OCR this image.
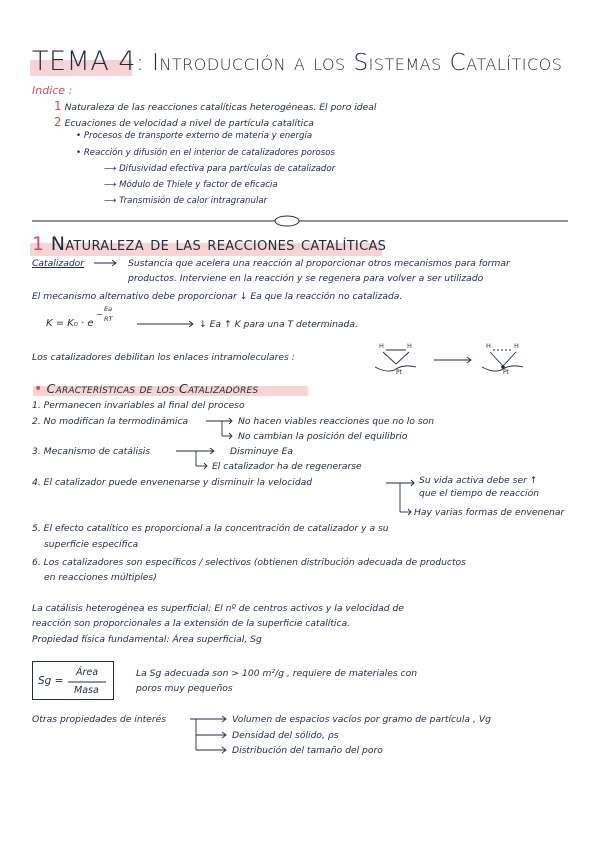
TEMA 4: Introducción a los Sistemas Catalíticos
Indice :
1 Naturaleza de las reacciones catalíticas heterogéneas. El poro ideal
2 Ecuaciones de velocidad a nivel de partícula catalítica
• Procesos de transporte externo de materia y energía
• Reacción y difusión en el interior de catalizadores porosos
⟶ Difusividad efectiva para partículas de catalizador
⟶ Módulo de Thiele y factor de eficacia
⟶ Transmisión de calor intragranular
1 Naturaleza de las reacciones catalíticas
Catalizador	Sustancia que acelera una reacción al proporcionar otros mecanismos para formar
productos. Interviene en la reacción y se regenera para volver a ser utilizado
El mecanismo alternativo debe proporcionar ↓ Ea que la reacción no catalizada.
K = K₀ · e
−
Ea
RT	↓ Ea ↑ K para una T determinada.
Los catalizadores debilitan los enlaces intramoleculares :
H	H
Pt
H	H
Pt
• Características de los Catalizadores
1. Permanecen invariables al final del proceso
2. No modifican la termodinámica	No hacen viables reacciones que no lo son
No cambian la posición del equilibrio
3. Mecanismo de catálisis	Disminuye Ea
El catalizador ha de regenerarse
4. El catalizador puede envenenarse y disminuir la velocidad	Su vida activa debe ser ↑
que el tiempo de reacción
Hay varias formas de envenenar
5. El efecto catalítico es proporcional a la concentración de catalizador y a su
superficie específica
6. Los catalizadores son específicos / selectivos (obtienen distribución adecuada de productos
en reacciones múltiples)
La catálisis heterogénea es superficial: El nº de centros activos y la velocidad de
reacción son proporcionales a la extensión de la superficie catalítica.
Propiedad física fundamental: Área superficial, Sg
Sg =
Área
Masa
La Sg adecuada son > 100 m²/g , requiere de materiales con
poros muy pequeños
Otras propiedades de interés	Volumen de espacios vacíos por gramo de partícula , Vg
Densidad del sólido, ρs
Distribución del tamaño del poro
